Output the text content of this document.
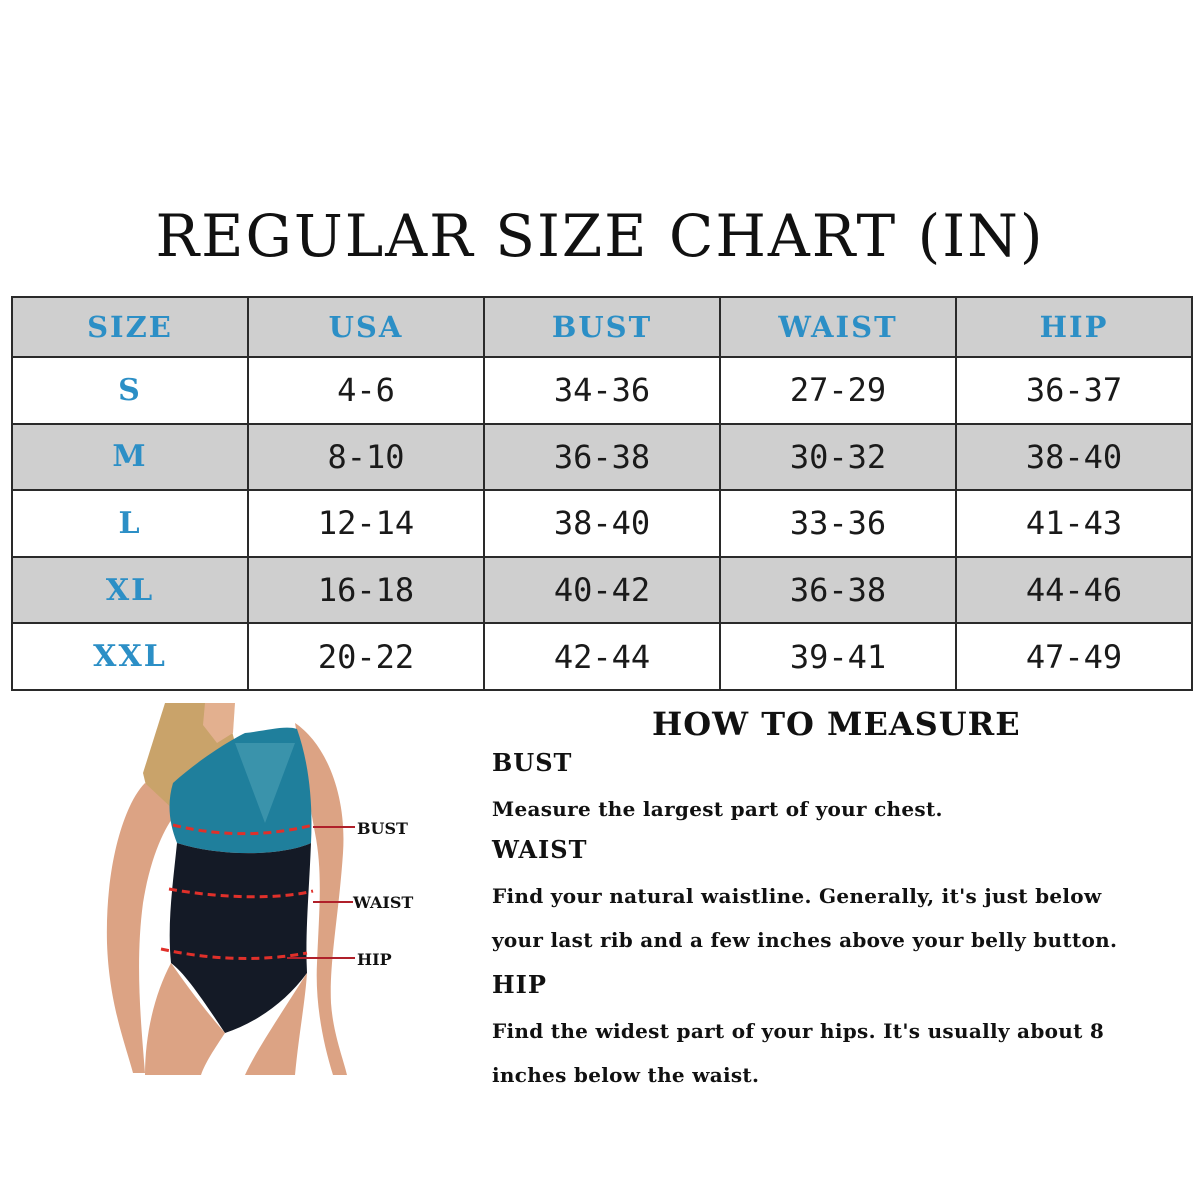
REGULAR SIZE CHART (IN)
SIZE	USA	BUST	WAIST	HIP
S	4-6	34-36	27-29	36-37
M	8-10	36-38	30-32	38-40
L	12-14	38-40	33-36	41-43
XL	16-18	40-42	36-38	44-46
XXL	20-22	42-44	39-41	47-49
BUST
WAIST
HIP
HOW TO MEASURE
BUST
Measure the largest part of your chest.
WAIST
Find your natural waistline. Generally, it's just below
your last rib and a few inches above your belly button.
HIP
Find the widest part of your hips. It's usually about 8
inches below the waist.
